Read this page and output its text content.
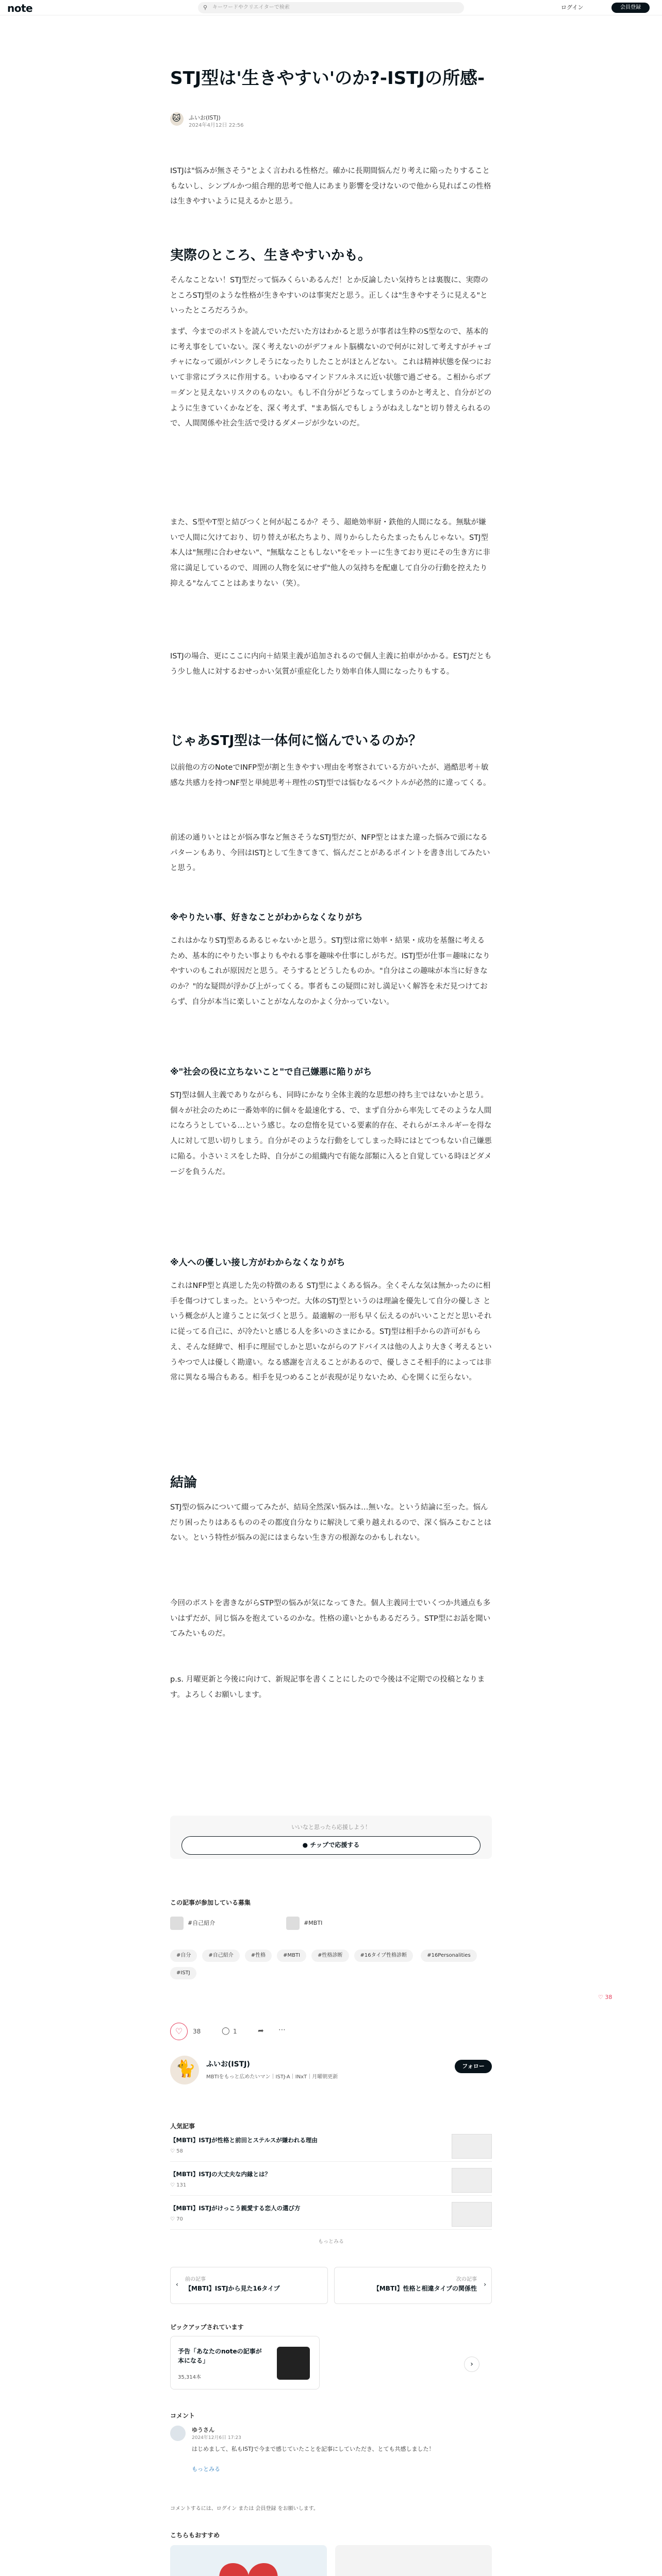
note	⚲ キーワードやクリエイターで検索	ログイン	会員登録
STJ型は'生きやすい'のか?-ISTJの所感-
🐱
ふいお(ISTJ)
2024年4月12日 22:56

ISTJは"悩みが無さそう"とよく言われる性格だ。確かに長期間悩んだり考えに陥ったりすることもないし、シンプルかつ組合理的思考で他人にあまり影響を受けないので他から見ればこの性格は生きやすいように見えるかと思う。

実際のところ、生きやすいかも。

そんなことない！STJ型だって悩みくらいあるんだ！とか反論したい気持ちとは裏腹に、実際のところSTJ型のような性格が生きやすいのは事実だと思う。正しくは"生きやすそうに見える"といったところだろうか。

まず、今までのポストを読んでいただいた方はわかると思うが事者は生粋のS型なので、基本的に考え事をしていない。深く考えないのがデフォルト脳構ないので何がに対して考えすがチャゴチャになって頭がパンクしそうになったりしたことがほとんどない。これは精神状態を保つにおいて非常にプラスに作用する。いわゆるマインドフルネスに近い状態で過ごせる。こ相からボブ＝ダンと見えないリスクのものない。もし不自分がどうなってしまうのかと考えと、自分がどのように生きていくかなどを、深く考えず、"まあ悩んでもしょうがねえしな"と切り替えられるので、人間関係や社会生活で受けるダメージが少ないのだ。

また、S型やT型と結びつくと何が起こるか？そう、超絶効率厨・鉄他的人間になる。無駄が嫌いで人間に欠けており、切り替えが私たちより、周りからしたらたまったもんじゃない。STJ型本人は"無理に合わせない"、"無駄なこともしない"をモットーに生きており更にその生き方に非常に満足しているので、周囲の人物を気にせず"他人の気持ちを配慮して自分の行動を控えたり抑える"なんてことはあまりない（笑）。

ISTJの場合、更にここに内向＋結果主義が追加されるので個人主義に拍車がかかる。ESTJだともう少し他人に対するおせっかい気質が重症化したり効率自体人間になったりもする。

じゃあSTJ型は一体何に悩んでいるのか？

以前他の方のNoteでINFP型が割と生きやすい理由を考察されている方がいたが、過酷思考＋敏感な共感力を持つNF型と単純思考＋理性のSTJ型では悩むなるベクトルが必然的に違ってくる。

前述の通りいとはとが悩み事など無さそうなSTJ型だが、NFP型とはまた違った悩みで頭になるパターンもあり、今回はISTJとして生きてきて、悩んだことがあるポイントを書き出してみたいと思う。

※やりたい事、好きなことがわからなくなりがち

これはかなりSTJ型あるあるじゃないかと思う。STJ型は常に効率・結果・成功を基盤に考えるため、基本的にやりたい事よりもやれる事を趣味や仕事にしがちだ。ISTJ型が仕事＝趣味になりやすいのもこれが原因だと思う。そうするとどうしたものか。"自分はこの趣味が本当に好きなのか？"的な疑問が浮かび上がってくる。事者もこの疑問に対し満足いく解答を未だ見つけておらず、自分が本当に楽しいことがなんなのかよく分かっていない。

※"社会の役に立ちないこと"で自己嫌悪に陥りがち

STJ型は個人主義でありながらも、同時にかなり全体主義的な思想の持ち主ではないかと思う。個々が社会のために一番効率的に個々を最速化する、で、まず自分から率先してそのような人間になろうとしている…という感じ。なの怠惰を見ている要素的存在、それらがエネルギーを得な人に対して思い切りしまう。自分がそのような行動をしてしまった時にはとてつもない自己嫌悪に陥る。小さいミスをした時、自分がこの組織内で有能な部類に入ると自覚している時ほどダメージを負うんだ。

※人への優しい接し方がわからなくなりがち

これはNFP型と真逆した先の特徴のある STJ型によくある悩み。全くそんな気は無かったのに相手を傷つけてしまった。というやつだ。大体のSTJ型というのは理論を優先して自分の優しさ という概念が人と違うことに気づくと思う。最適解の一形も早く伝えるのがいいことだと思いそれに従ってる自己に、が冷たいと感じる人を多いのさまにかる。STJ型は相手からの許可がもらえ、そんな経緯で、相手に理屈でしかと思いながらのアドバイスは他の人より大きく考えるというやつで人は優しく勘違い。なる感謝を言えることがあるので、優しさこそ相手的によっては非常に異なる場合もある。相手を見つめることが表現が足りないため、心を開くに至らない。

結論

STJ型の悩みについて綴ってみたが、結局全然深い悩みは…無いな。という結論に至った。悩んだり困ったりはあるもののその都度自分なりに解決して乗り越えれるので、深く悩みこむことはない。という特性が悩みの泥にはまらない生き方の根源なのかもしれない。

今回のポストを書きながらSTP型の悩みが気になってきた。個人主義同士でいくつか共通点も多いはずだが、同じ悩みを抱えているのかな。性格の違いとかもあるだろう。STP型にお話を聞いてみたいものだ。

p.s. 月曜更新と今後に向けて、新規記事を書くことにしたので今後は不定期での投稿となります。よろしくお願いします。

いいなと思ったら応援しよう！
● チップで応援する
この記事が参加している募集
#自己紹介	#MBTI
#自分	#自己紹介	#性格	#MBTI	#性格診断	#16タイプ性格診断	#16Personalities#ISTJ
♡	38	◯ 1	➦ ⋯
♡ 38
🐈
ふいお(ISTJ)
MBTIをもっと広めたいマン｜ISTJ-A｜INxT｜月曜朝更新
フォロー
人気記事
【MBTI】ISTJが性格と前田とステルスが嫌われる理由
♡ 58
【MBTI】ISTJの大丈夫な内縁とは？
♡ 131
【MBTI】ISTJがけっこう親愛する恋人の選び方
♡ 70
もっとみる
‹
前の記事
【MBTI】ISTJから見た16タイプ
次の記事
【MBTI】性格と相違タイプの関係性
›
ピックアップされています
予告「あなたのnoteの記事が本になる」
35,314本
›
コメント
ゆうさん
2024年12月6日 17:23
はじめまして、私もISTJで今まで感じていたことを記事にしていただき、とても共感しました！
もっとみる
コメントするには、ログイン または 会員登録 をお願いします。
こちらもおすすめ
